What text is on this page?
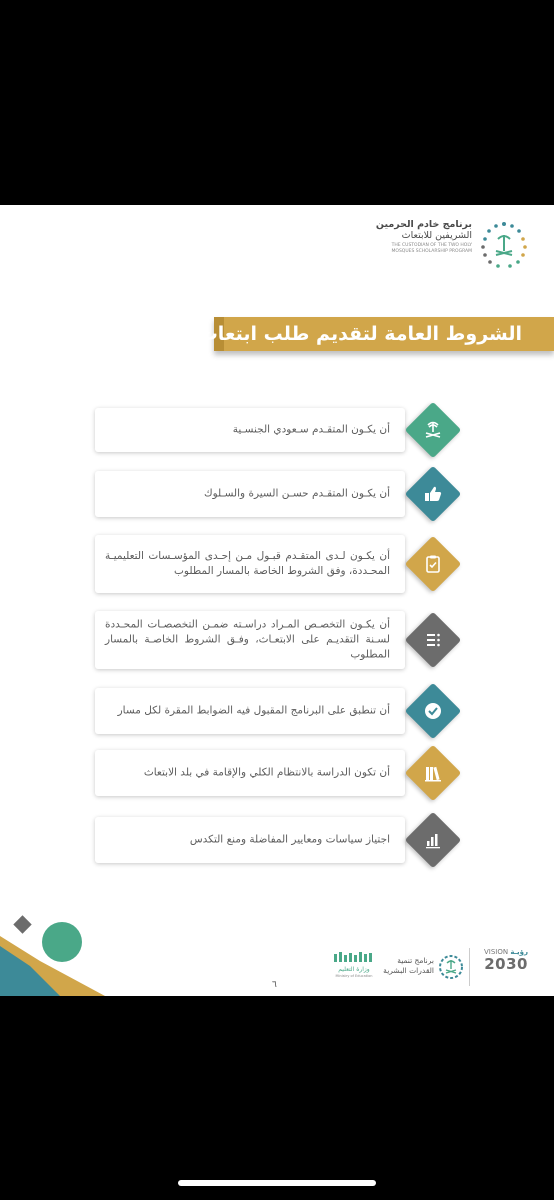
برنامج خادم الحرمين
الشريفين للابتعاث
THE CUSTODIAN OF THE TWO HOLY
MOSQUES SCHOLARSHIP PROGRAM
الشروط العامة لتقديم طلب ابتعاث
أن يكـون المتقـدم سـعودي الجنسـية
أن يكـون المتقـدم حسـن السيرة والسـلوك
أن يكـون لـدى المتقـدم قبـول مـن إحـدى المؤسـسات التعليميـة المحـددة، وفق الشروط الخاصة بالمسار المطلوب
أن يكـون التخصـص المـراد دراسـته ضمـن التخصصـات المحـددة لسـنة التقديـم على الابتعـاث، وفـق الشروط الخاصـة بالمسار المطلوب
أن تنطبق على البرنامج المقبول فيه الضوابط المقرة لكل مسار
أن تكون الدراسة بالانتظام الكلي والإقامة في بلد الابتعاث
اجتياز سياسات ومعايير المفاضلة ومنع التكدس
٦
VISION رؤيـة
2030
برنامج تنمية
القدرات البشرية
وزارة التعليم
Ministry of Education
